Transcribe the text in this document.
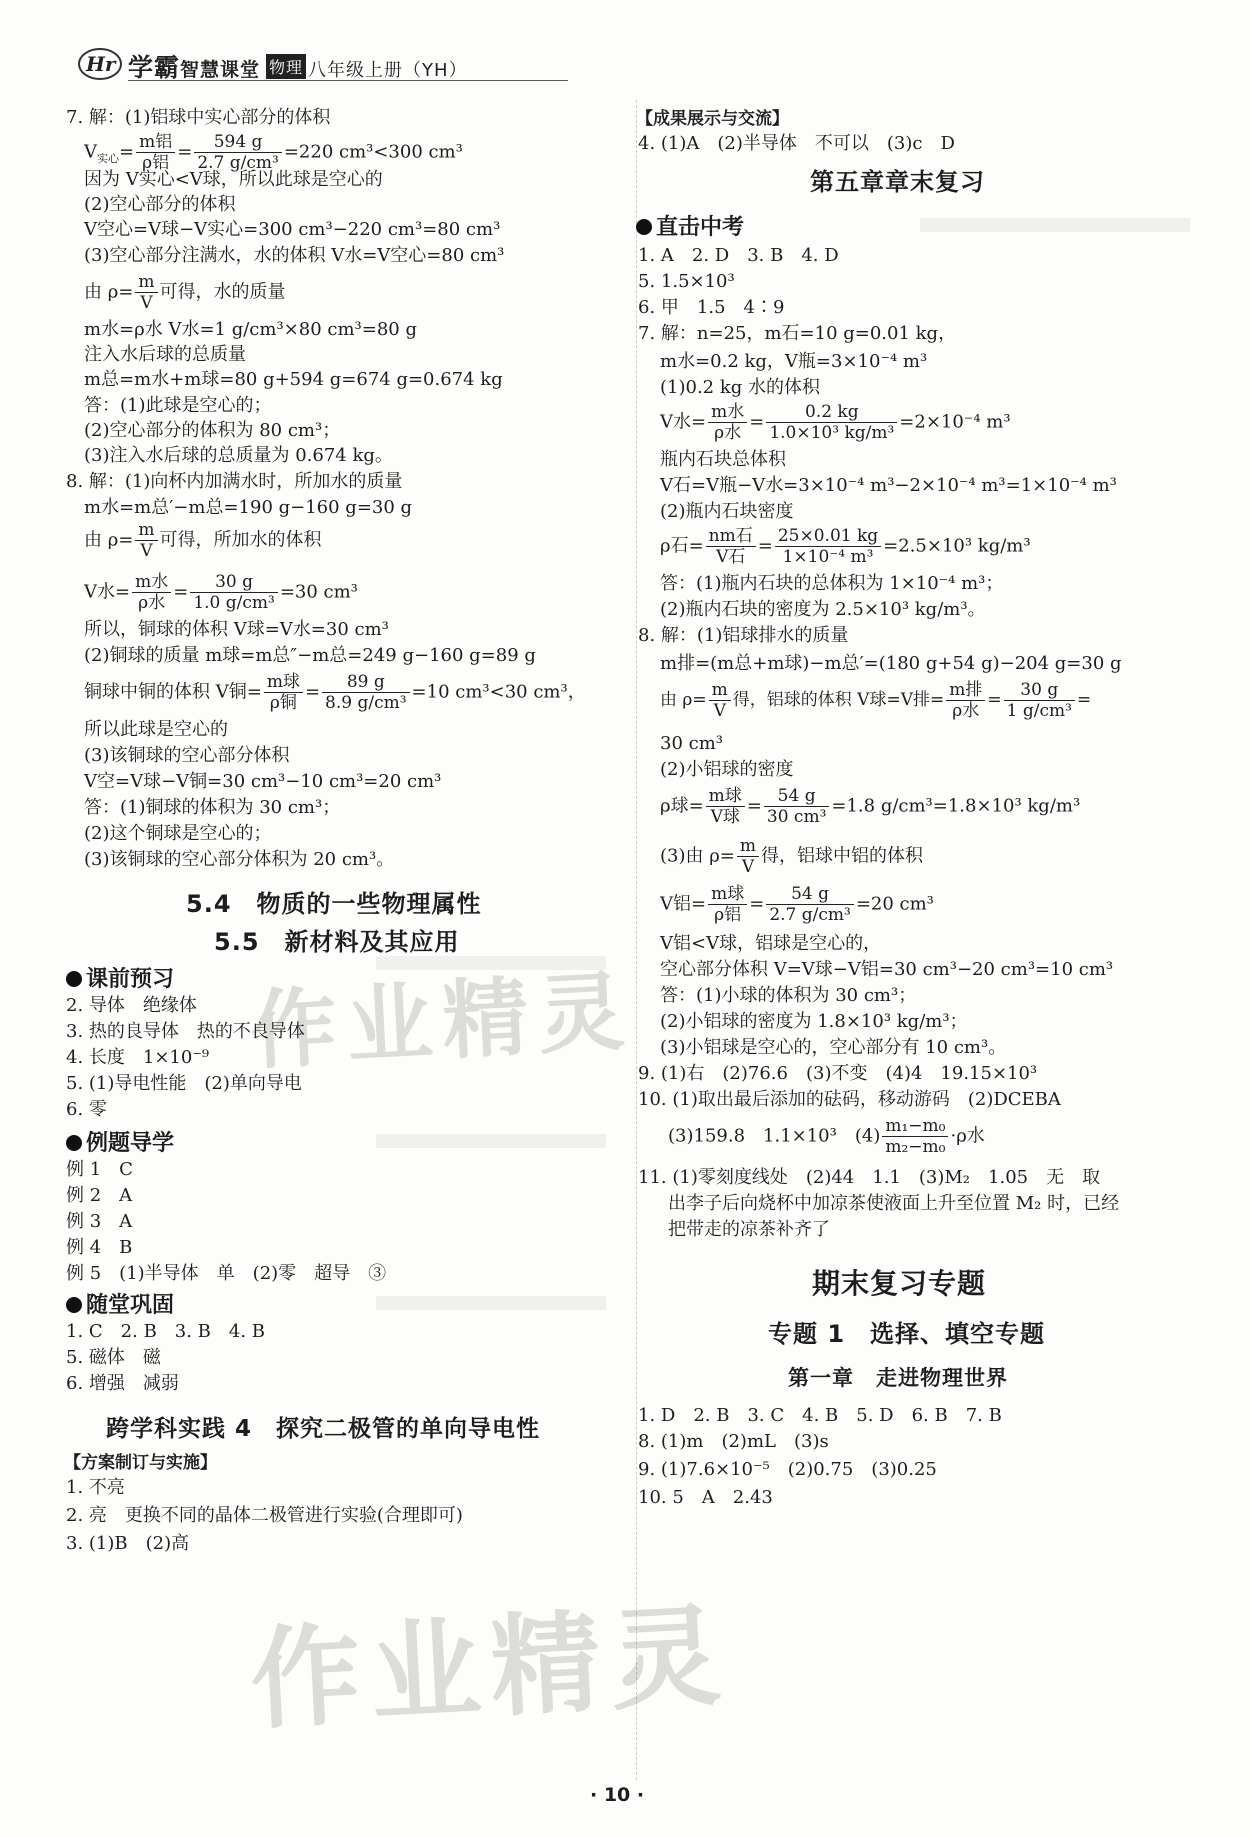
Hr 学霸智慧课堂 物理 八年级上册（YH）
7. 解：(1)铝球中实心部分的体积
$V_{实心}= \frac{\text{m铝}}{\text{ρ铝}} = \frac{594 g}{\text{2.7 g/cm³}} =220$ cm³<300 cm³
因为 V实心<V球，所以此球是空心的
(2)空心部分的体积
V空心=V球−V实心=300 cm³−220 cm³=80 cm³
(3)空心部分注满水，水的体积 V水=V空心=80 cm³
由 $\rho= \frac{m}{V}$ 可得，水的质量
m水=ρ水 V水=1 g/cm³×80 cm³=80 g
注入水后球的总质量
m总=m水+m球=80 g+594 g=674 g=0.674 kg
答：(1)此球是空心的；
(2)空心部分的体积为 80 cm³；
(3)注入水后球的总质量为 0.674 kg。
8. 解：(1)向杯内加满水时，所加水的质量
m水=m总′−m总=190 g−160 g=30 g
由 $\rho= \frac{m}{V}$ 可得，所加水的体积
V水= $\frac{\text{m水}}{\text{ρ水}} = \frac{30 g}{\text{1.0 g/cm³}} =30$ cm³
所以，铜球的体积 V球=V水=30 cm³
(2)铜球的质量 m球=m总″−m总=249 g−160 g=89 g
铜球中铜的体积 V铜= $\frac{\text{m球}}{\text{ρ铜}} = \frac{89 g}{\text{8.9 g/cm³}} =10$ cm³<30 cm³，
所以此球是空心的
(3)该铜球的空心部分体积
V空=V球−V铜=30 cm³−10 cm³=20 cm³
答：(1)铜球的体积为 30 cm³；
(2)这个铜球是空心的；
(3)该铜球的空心部分体积为 20 cm³。
5.4　物质的一些物理属性
5.5　新材料及其应用
课前预习
2. 导体　绝缘体
3. 热的良导体　热的不良导体
4. 长度　1×10⁻⁹
5. (1)导电性能　(2)单向导电
6. 零
例题导学
例 1　C
例 2　A
例 3　A
例 4　B
例 5　(1)半导体　单　(2)零　超导　③
随堂巩固
1. C　2. B　3. B　4. B
5. 磁体　磁
6. 增强　减弱
跨学科实践 4　探究二极管的单向导电性
【方案制订与实施】
1. 不亮
2. 亮　更换不同的晶体二极管进行实验(合理即可)
3. (1)B　(2)高
【成果展示与交流】
4. (1)A　(2)半导体　不可以　(3)c　D
第五章章末复习
直击中考
1. A　2. D　3. B　4. D
5. 1.5×10³
6. 甲　1.5　4∶9
7. 解：n=25，m石=10 g=0.01 kg，
m水=0.2 kg，V瓶=3×10⁻⁴ m³
(1)0.2 kg 水的体积
V水= $\frac{\text{m水}}{\text{ρ水}} = \frac{0.2 kg}{\text{1.0×10³ kg/m³}} =2\times 10^{-4}$ m³
瓶内石块总体积
V石=V瓶−V水=3×10⁻⁴ m³−2×10⁻⁴ m³=1×10⁻⁴ m³
(2)瓶内石块密度
ρ石= $\frac{\text{nm石}}{\text{V石}} = \frac{25\times 0.01 kg}{\text{1×10⁻⁴ m³}} =2.5\times 10^3$ kg/m³
答：(1)瓶内石块的总体积为 1×10⁻⁴ m³；
(2)瓶内石块的密度为 2.5×10³ kg/m³。
8. 解：(1)铝球排水的质量
m排=(m总+m球)−m总′=(180 g+54 g)−204 g=30 g
由 $\rho= \frac{m}{V}$ 得，铝球的体积 V球=V排= $\frac{\text{m排}}{\text{ρ水}} = \frac{30 g}{\text{1 g/cm³}}$ =
30 cm³
(2)小铝球的密度
ρ球= $\frac{\text{m球}}{\text{V球}} = \frac{54 g}{\text{30 cm³}} =1.8$ g/cm³=1.8×10³ kg/m³
(3)由 $\rho= \frac{m}{V}$ 得，铝球中铝的体积
V铝= $\frac{\text{m球}}{\text{ρ铝}} = \frac{54 g}{\text{2.7 g/cm³}} =20$ cm³
V铝<V球，铝球是空心的，
空心部分体积 V=V球−V铝=30 cm³−20 cm³=10 cm³
答：(1)小球的体积为 30 cm³；
(2)小铝球的密度为 1.8×10³ kg/m³；
(3)小铝球是空心的，空心部分有 10 cm³。
9. (1)右　(2)76.6　(3)不变　(4)4　19.15×10³
10. (1)取出最后添加的砝码，移动游码　(2)DCEBA
(3)159.8　1.1×10³　$(4) \frac{\text{m₁−m₀}}{\text{m₂−m₀}} \cdot\rho$水
11. (1)零刻度线处　(2)44　1.1　(3)M₂　1.05　无　取
出李子后向烧杯中加凉茶使液面上升至位置 M₂ 时，已经
把带走的凉茶补齐了
期末复习专题
专题 1　选择、填空专题
第一章　走进物理世界
1. D　2. B　3. C　4. B　5. D　6. B　7. B
8. (1)m　(2)mL　(3)s
9. (1)7.6×10⁻⁵　(2)0.75　(3)0.25
10. 5　A　2.43
作业精灵
作业精灵
· 10 ·
